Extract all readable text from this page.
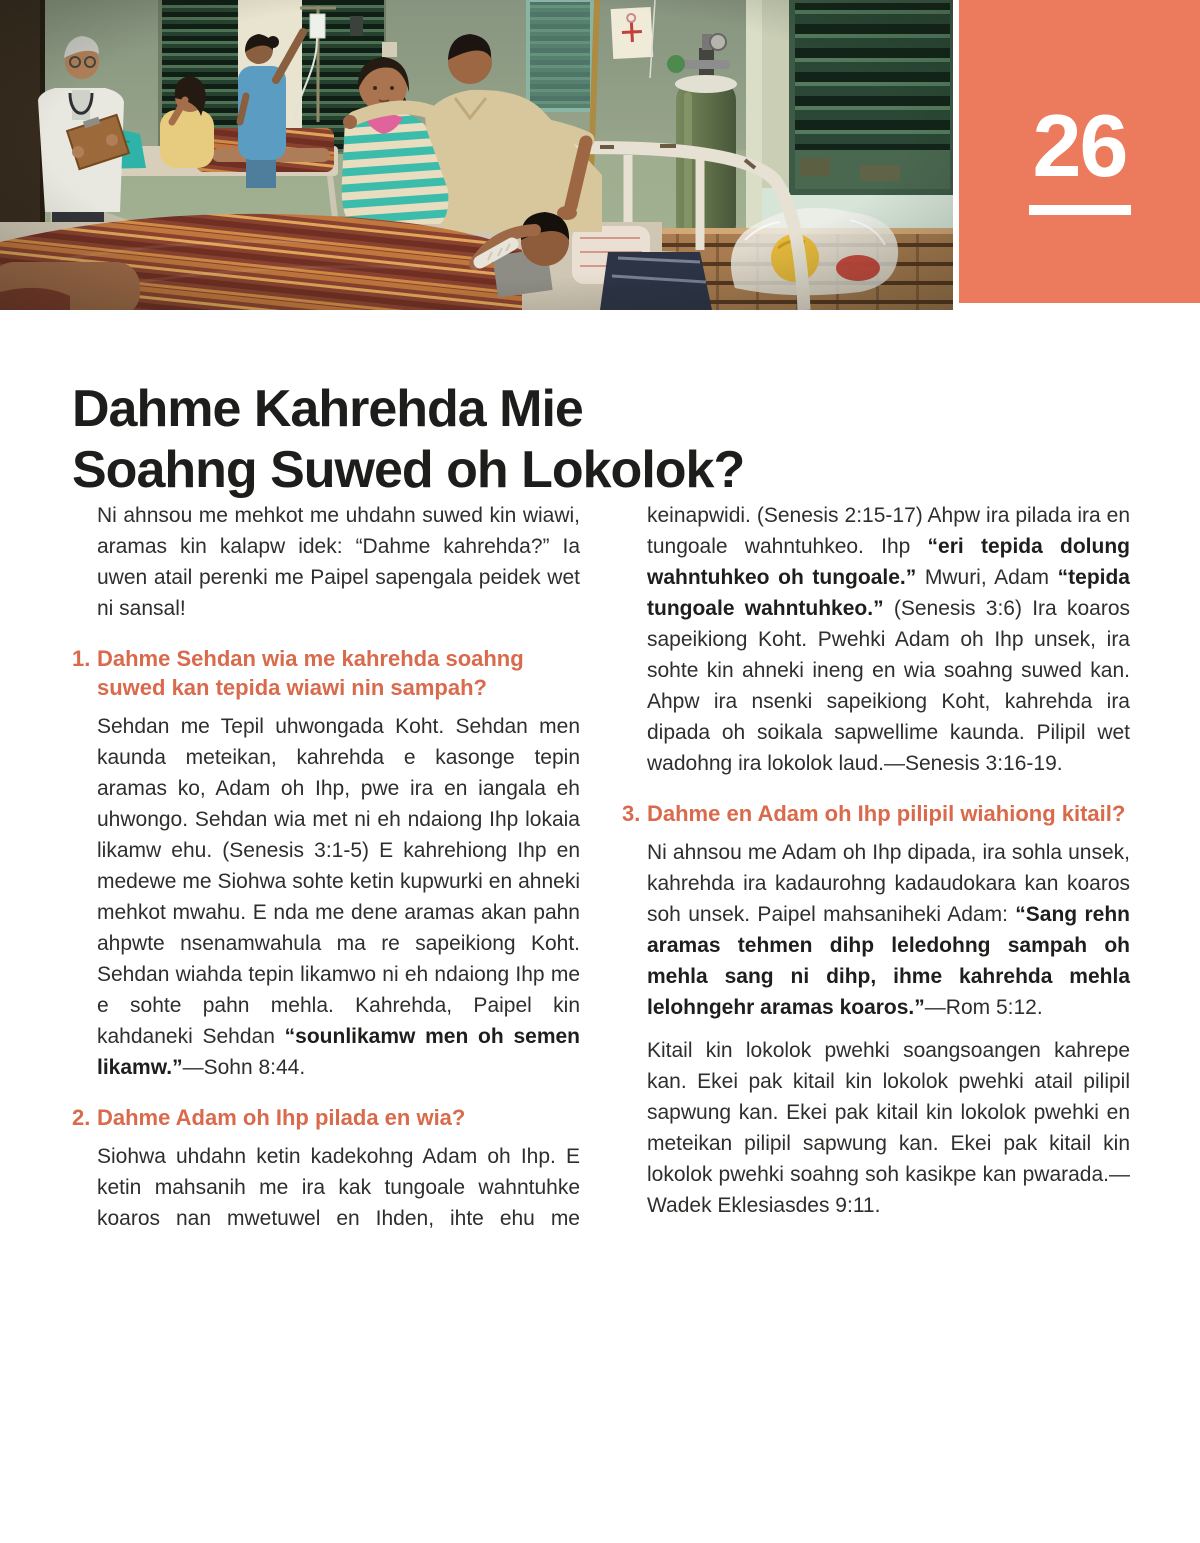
26
Dahme Kahrehda Mie
Soahng Suwed oh Lokolok?

Ni ahnsou me mehkot me uhdahn suwed kin wiawi, aramas kin kalapw idek: “Dahme kahrehda?” Ia uwen atail perenki me Paipel sapengala peidek wet ni sansal!

1. Dahme Sehdan wia me kahrehda soahng suwed kan tepida wiawi nin sampah?

Sehdan me Tepil uhwongada Koht. Sehdan men kaunda meteikan, kahrehda e kasonge tepin aramas ko, Adam oh Ihp, pwe ira en iangala eh uhwongo. Sehdan wia met ni eh ndaiong Ihp lokaia likamw ehu. (Senesis 3:1-5) E kahrehiong Ihp en medewe me Siohwa sohte ketin kupwurki en ahneki mehkot mwahu. E nda me dene aramas akan pahn ahpwte nsenamwahula ma re sapeikiong Koht. Sehdan wiahda tepin likamwo ni eh ndaiong Ihp me e sohte pahn mehla. Kahrehda, Paipel kin kahdaneki Sehdan “sounlikamw men oh semen likamw.”—Sohn 8:44.

2. Dahme Adam oh Ihp pilada en wia?

Siohwa uhdahn ketin kadekohng Adam oh Ihp. E ketin mahsanih me ira kak tungoale wahntuhke koaros nan mwetuwel en Ihden, ihte ehu me keinapwidi. (Senesis 2:15-17) Ahpw ira pilada ira en tungoale wahntuhkeo. Ihp “eri tepida dolung wahntuhkeo oh tungoale.” Mwuri, Adam “tepida tungoale wahntuhkeo.” (Senesis 3:6) Ira koaros sapeikiong Koht. Pwehki Adam oh Ihp unsek, ira sohte kin ahneki ineng en wia soahng suwed kan. Ahpw ira nsenki sapeikiong Koht, kahrehda ira dipada oh soikala sapwellime kaunda. Pilipil wet wadohng ira lokolok laud.—Senesis 3:16-19.

3. Dahme en Adam oh Ihp pilipil wiahiong kitail?

Ni ahnsou me Adam oh Ihp dipada, ira sohla unsek, kahrehda ira kadaurohng kadaudokara kan koaros soh unsek. Paipel mahsaniheki Adam: “Sang rehn aramas tehmen dihp leledohng sampah oh mehla sang ni dihp, ihme kahrehda mehla lelohngehr aramas koaros.”—Rom 5:12.

Kitail kin lokolok pwehki soangsoangen kahrepe kan. Ekei pak kitail kin lokolok pwehki atail pilipil sapwung kan. Ekei pak kitail kin lokolok pwehki en meteikan pilipil sapwung kan. Ekei pak kitail kin lokolok pwehki soahng soh kasikpe kan pwarada.—Wadek Eklesiasdes 9:11.
